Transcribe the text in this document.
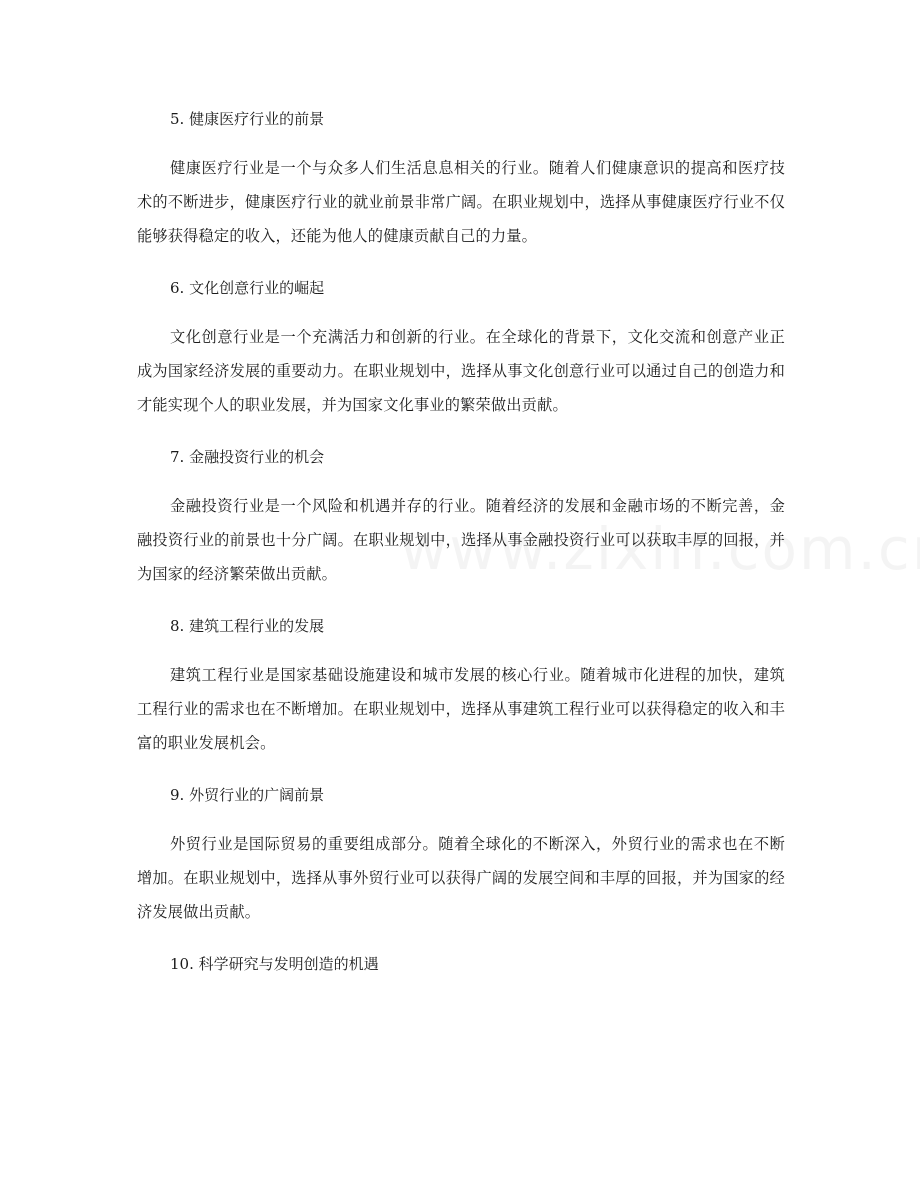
5. 健康医疗行业的前景

健康医疗行业是一个与众多人们生活息息相关的行业。随着人们健康意识的提高和医疗技术的不断进步，健康医疗行业的就业前景非常广阔。在职业规划中，选择从事健康医疗行业不仅能够获得稳定的收入，还能为他人的健康贡献自己的力量。

6. 文化创意行业的崛起

文化创意行业是一个充满活力和创新的行业。在全球化的背景下，文化交流和创意产业正成为国家经济发展的重要动力。在职业规划中，选择从事文化创意行业可以通过自己的创造力和才能实现个人的职业发展，并为国家文化事业的繁荣做出贡献。

7. 金融投资行业的机会

金融投资行业是一个风险和机遇并存的行业。随着经济的发展和金融市场的不断完善，金融投资行业的前景也十分广阔。在职业规划中，选择从事金融投资行业可以获取丰厚的回报，并为国家的经济繁荣做出贡献。

8. 建筑工程行业的发展

建筑工程行业是国家基础设施建设和城市发展的核心行业。随着城市化进程的加快，建筑工程行业的需求也在不断增加。在职业规划中，选择从事建筑工程行业可以获得稳定的收入和丰富的职业发展机会。

9. 外贸行业的广阔前景

外贸行业是国际贸易的重要组成部分。随着全球化的不断深入，外贸行业的需求也在不断增加。在职业规划中，选择从事外贸行业可以获得广阔的发展空间和丰厚的回报，并为国家的经济发展做出贡献。

10. 科学研究与发明创造的机遇
